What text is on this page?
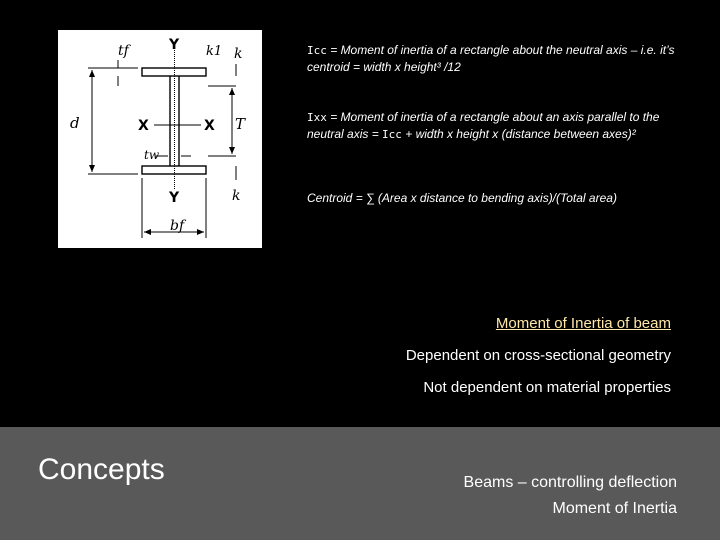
tf	k1 k
d	T
tw
k
bf
Y
Y
X	X
Icc = Moment of inertia of a rectangle about the neutral axis – i.e. it’s centroid = width x height³ /12
Ixx = Moment of inertia of a rectangle about an axis parallel to the neutral axis = Icc + width x height x (distance between axes)²
Centroid = ∑ (Area x distance to bending axis)/(Total area)
Moment of Inertia of beam
Dependent on cross-sectional geometry
Not dependent on material properties
Concepts	Beams – controlling deflection
Moment of Inertia
